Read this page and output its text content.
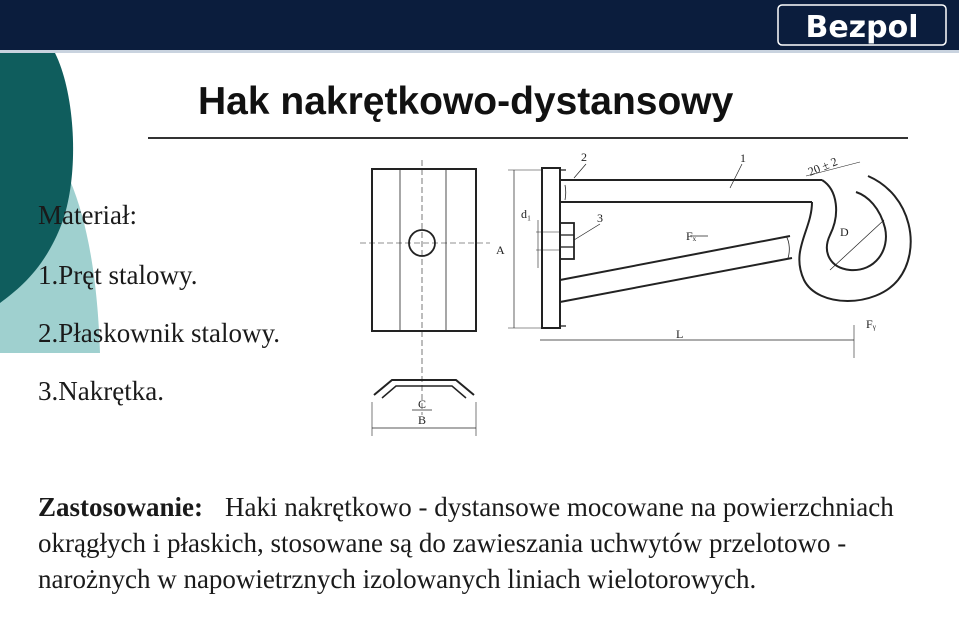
Bezpol
Hak nakrętkowo-dystansowy

Materiał:

1.Pręt stalowy.

2.Płaskownik stalowy.

3.Nakrętka.

2	1
3
A
d₁
Fₓ	D
L
Fᵧ
20 ± 2
C
B

Zastosowanie: Haki nakrętkowo - dystansowe mocowane na powierzchniach okrągłych i płaskich, stosowane są do zawieszania uchwytów przelotowo - narożnych w napowietrznych izolowanych liniach wielotorowych.
